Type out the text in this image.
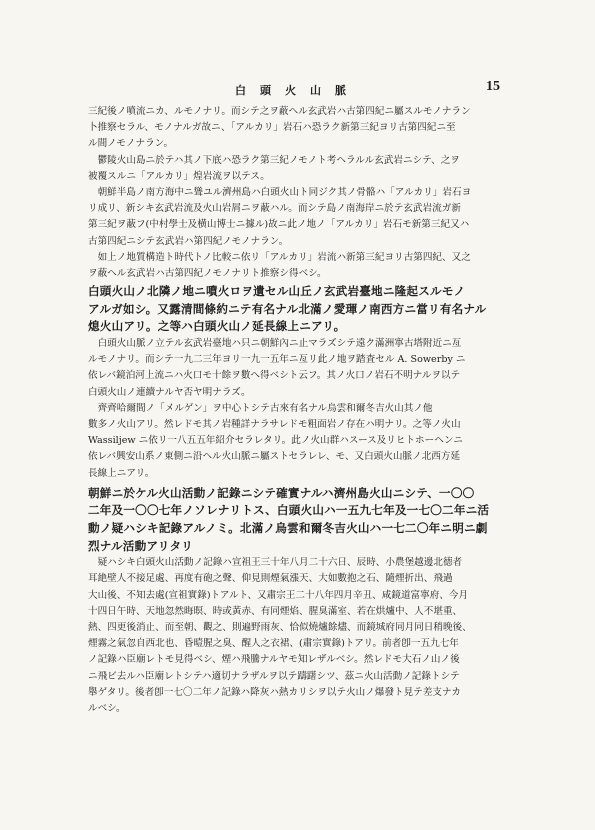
白頭火山脈	15

三紀後ノ噴流ニカ、ルモノナリ。而シテ之ヲ蔽ヘル玄武岩ハ古第四紀ニ屬スルモノナラン
卜推察セラル、モノナルガ故ニ、「アルカリ」岩石ハ恐ラク新第三紀ヨリ古第四紀ニ至
ル間ノモノナラン。

鬱陵火山島ニ於テハ其ノ下底ハ恐ラク第三紀ノモノト考ヘラルル玄武岩ニシテ、之ヲ
被覆スルニ「アルカリ」煌岩流ヲ以テス。

朝鮮半島ノ南方海中ニ聳ユル濟州島ハ白頭火山ト同ジク其ノ骨骼ハ「アルカリ」岩石ヨ
リ成リ、新シキ玄武岩流及火山岩屑ニヲ蔽ハル。而シテ島ノ南海岸ニ於テ玄武岩流ガ新
第三紀ヲ蔽フ(中村學士及横山博士ニ據ル)故ニ此ノ地ノ「アルカリ」岩石モ新第三紀又ハ
古第四紀ニシテ玄武岩ハ第四紀ノモノナラン。

如上ノ地質構造ト時代トノ比較ニ依リ「アルカリ」岩流ハ新第三紀ヨリ古第四紀、又之
ヲ蔽ヘル玄武岩ハ古第四紀ノモノナリト推察シ得ベシ。

白頭火山ノ北隣ノ地ニ噴火ロヲ遺セル山丘ノ玄武岩臺地ニ隆起スルモノ
アルガ如シ。又露清間條約ニテ有名ナル北滿ノ愛琿ノ南西方ニ當リ有名ナル
熄火山アリ。之等ハ白頭火山ノ延長線上ニアリ。

白頭火山脈ノ立テル玄武岩臺地ハ只ニ朝鮮內ニ止マラズシテ遠ク滿洲寧古塔附近ニ亙
ルモノナリ。而シテ一九二三年ヨリ一九一五年ニ亙リ此ノ地ヲ踏査セル A. Sowerby ニ
依レバ鏡泊河上流ニハ火口モ十餘ヲ數へ得ベシト云フ。其ノ火口ノ岩石不明ナルヲ以テ
白頭火山ノ連續ナルヤ否ヤ明ナラズ。

齊齊哈爾間ノ「メルゲン」ヲ中心トシテ古來有名ナル烏雲和爾冬吉火山其ノ他
數多ノ火山アリ。然レドモ其ノ岩種詳ナラサレドモ粗面岩ノ存在ハ明ナリ。之等ノ火山
Wassiljew ニ依リ一八五五年紹介セラレタリ。此ノ火山群ハスース及リヒトホーヘンニ
依レバ興安山系ノ東側ニ沿ヘル火山脈ニ屬ストセラレレ、モ、又白頭火山脈ノ北西方延
長線上ニアリ。

朝鮮ニ於ケル火山活動ノ記錄ニシテ確實ナルハ濟州島火山ニシテ、一〇〇
二年及一〇〇七年ノソレナリトス、白頭火山ハ一五九七年及一七〇二年ニ活
動ノ疑ハシキ記錄アルノミ。北滿ノ烏雲和爾冬吉火山ハ一七二〇年ニ明ニ劇
烈ナル活動アリタリ

疑ハシキ白頭火山活動ノ記錄ハ宣祖王三十年八月二十六日、辰時、小農堡越邊北德者
耳絶壁人不接足處、再度有砲之聲、仰見則煙氣漲天、大如數抱之石、隨煙折出、飛過
大山後、不知去處(宣祖實錄)トアルト、又肅宗王二十八年四月辛丑、咸鏡道富寧府、今月
十四日午時、天地忽然晦暝、時或黃赤、有同煙焰、腥臭滿室、若在烘爐中、人不堪重、
熱、四更後消止、而至朝、觀之、則遍野雨灰、恰似燒爐餘燼、而鏡城府同月同日稍晚後、
煙霧之氣忽自西北也、昏曀腥之臭、醒人之衣裙、(肅宗實錄)トアリ。前者卽一五九七年
ノ記錄ハ臣廟レトモ見得ベシ、煙ハ飛騰ナルヤモ知レザルベシ。然レドモ大石ノ山ノ後
ニ飛ビ去ルハ臣廟レトシテハ適切ナラザルヲ以テ躊躇シツ、茲ニ火山活動ノ記錄トシテ
舉ゲタリ。後者卽一七〇二年ノ記錄ハ降灰ハ熱カリシヲ以テ火山ノ爆發ト見テ差支ナカ
ルベシ。
